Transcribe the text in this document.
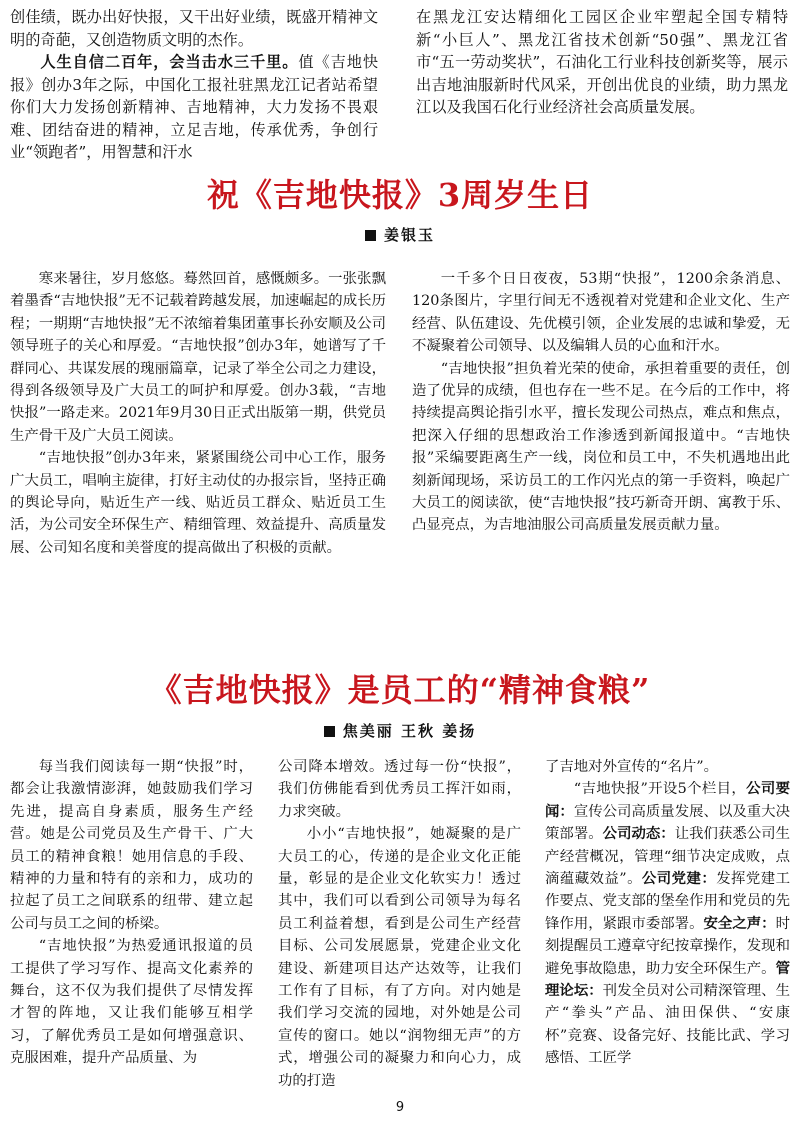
创佳绩，既办出好快报，又干出好业绩，既盛开精神文明的奇葩，又创造物质文明的杰作。

人生自信二百年，会当击水三千里。值《吉地快报》创办3年之际，中国化工报社驻黑龙江记者站希望你们大力发扬创新精神、吉地精神，大力发扬不畏艰难、团结奋进的精神，立足吉地，传承优秀，争创行业“领跑者”，用智慧和汗水

在黑龙江安达精细化工园区企业牢塑起全国专精特新“小巨人”、黑龙江省技术创新“50强”、黑龙江省市“五一劳动奖状”，石油化工行业科技创新奖等，展示出吉地油服新时代风采，开创出优良的业绩，助力黑龙江以及我国石化行业经济社会高质量发展。

祝《吉地快报》3周岁生日
姜银玉

寒来暑往，岁月悠悠。蓦然回首，感慨颇多。一张张飘着墨香“吉地快报”无不记载着跨越发展，加速崛起的成长历程；一期期“吉地快报”无不浓缩着集团董事长孙安顺及公司领导班子的关心和厚爱。“吉地快报”创办3年，她谱写了千群同心、共谋发展的瑰丽篇章，记录了举全公司之力建设，得到各级领导及广大员工的呵护和厚爱。创办3载，“吉地快报”一路走来。2021年9月30日正式出版第一期，供党员生产骨干及广大员工阅读。

“吉地快报”创办3年来，紧紧围绕公司中心工作，服务广大员工，唱响主旋律，打好主动仗的办报宗旨，坚持正确的舆论导向，贴近生产一线、贴近员工群众、贴近员工生活，为公司安全环保生产、精细管理、效益提升、高质量发展、公司知名度和美誉度的提高做出了积极的贡献。

一千多个日日夜夜，53期“快报”，1200余条消息、120条图片，字里行间无不透视着对党建和企业文化、生产经营、队伍建设、先优模引领，企业发展的忠诚和挚爱，无不凝聚着公司领导、以及编辑人员的心血和汗水。

“吉地快报”担负着光荣的使命，承担着重要的责任，创造了优异的成绩，但也存在一些不足。在今后的工作中，将持续提高舆论指引水平，擅长发现公司热点，难点和焦点，把深入仔细的思想政治工作渗透到新闻报道中。“吉地快报”采编要距离生产一线，岗位和员工中，不失机遇地出此刻新闻现场，采访员工的工作闪光点的第一手资料，唤起广大员工的阅读欲，使“吉地快报”技巧新奇开朗、寓教于乐、凸显亮点，为吉地油服公司高质量发展贡献力量。

《吉地快报》是员工的“精神食粮”
焦美丽 王秋 姜扬

每当我们阅读每一期“快报”时，都会让我激情澎湃，她鼓励我们学习先进，提高自身素质，服务生产经营。她是公司党员及生产骨干、广大员工的精神食粮！她用信息的手段、精神的力量和特有的亲和力，成功的拉起了员工之间联系的纽带、建立起公司与员工之间的桥梁。

“吉地快报”为热爱通讯报道的员工提供了学习写作、提高文化素养的舞台，这不仅为我们提供了尽情发挥才智的阵地，又让我们能够互相学习，了解优秀员工是如何增强意识、克服困难，提升产品质量、为

公司降本增效。透过每一份“快报”，我们仿佛能看到优秀员工挥汗如雨，力求突破。

小小“吉地快报”，她凝聚的是广大员工的心，传递的是企业文化正能量，彰显的是企业文化软实力！透过其中，我们可以看到公司领导为每名员工利益着想，看到是公司生产经营目标、公司发展愿景，党建企业文化建设、新建项目达产达效等，让我们工作有了目标，有了方向。对内她是我们学习交流的园地，对外她是公司宣传的窗口。她以“润物细无声”的方式，增强公司的凝聚力和向心力，成功的打造

了吉地对外宣传的“名片”。

“吉地快报”开设5个栏目，公司要闻：宣传公司高质量发展、以及重大决策部署。公司动态：让我们获悉公司生产经营概况，管理“细节决定成败，点滴蕴藏效益”。公司党建：发挥党建工作要点、党支部的堡垒作用和党员的先锋作用，紧跟市委部署。安全之声：时刻提醒员工遵章守纪按章操作，发现和避免事故隐患，助力安全环保生产。管理论坛：刊发全员对公司精深管理、生产“拳头”产品、油田保供、“安康杯”竞赛、设备完好、技能比武、学习感悟、工匠学

9
